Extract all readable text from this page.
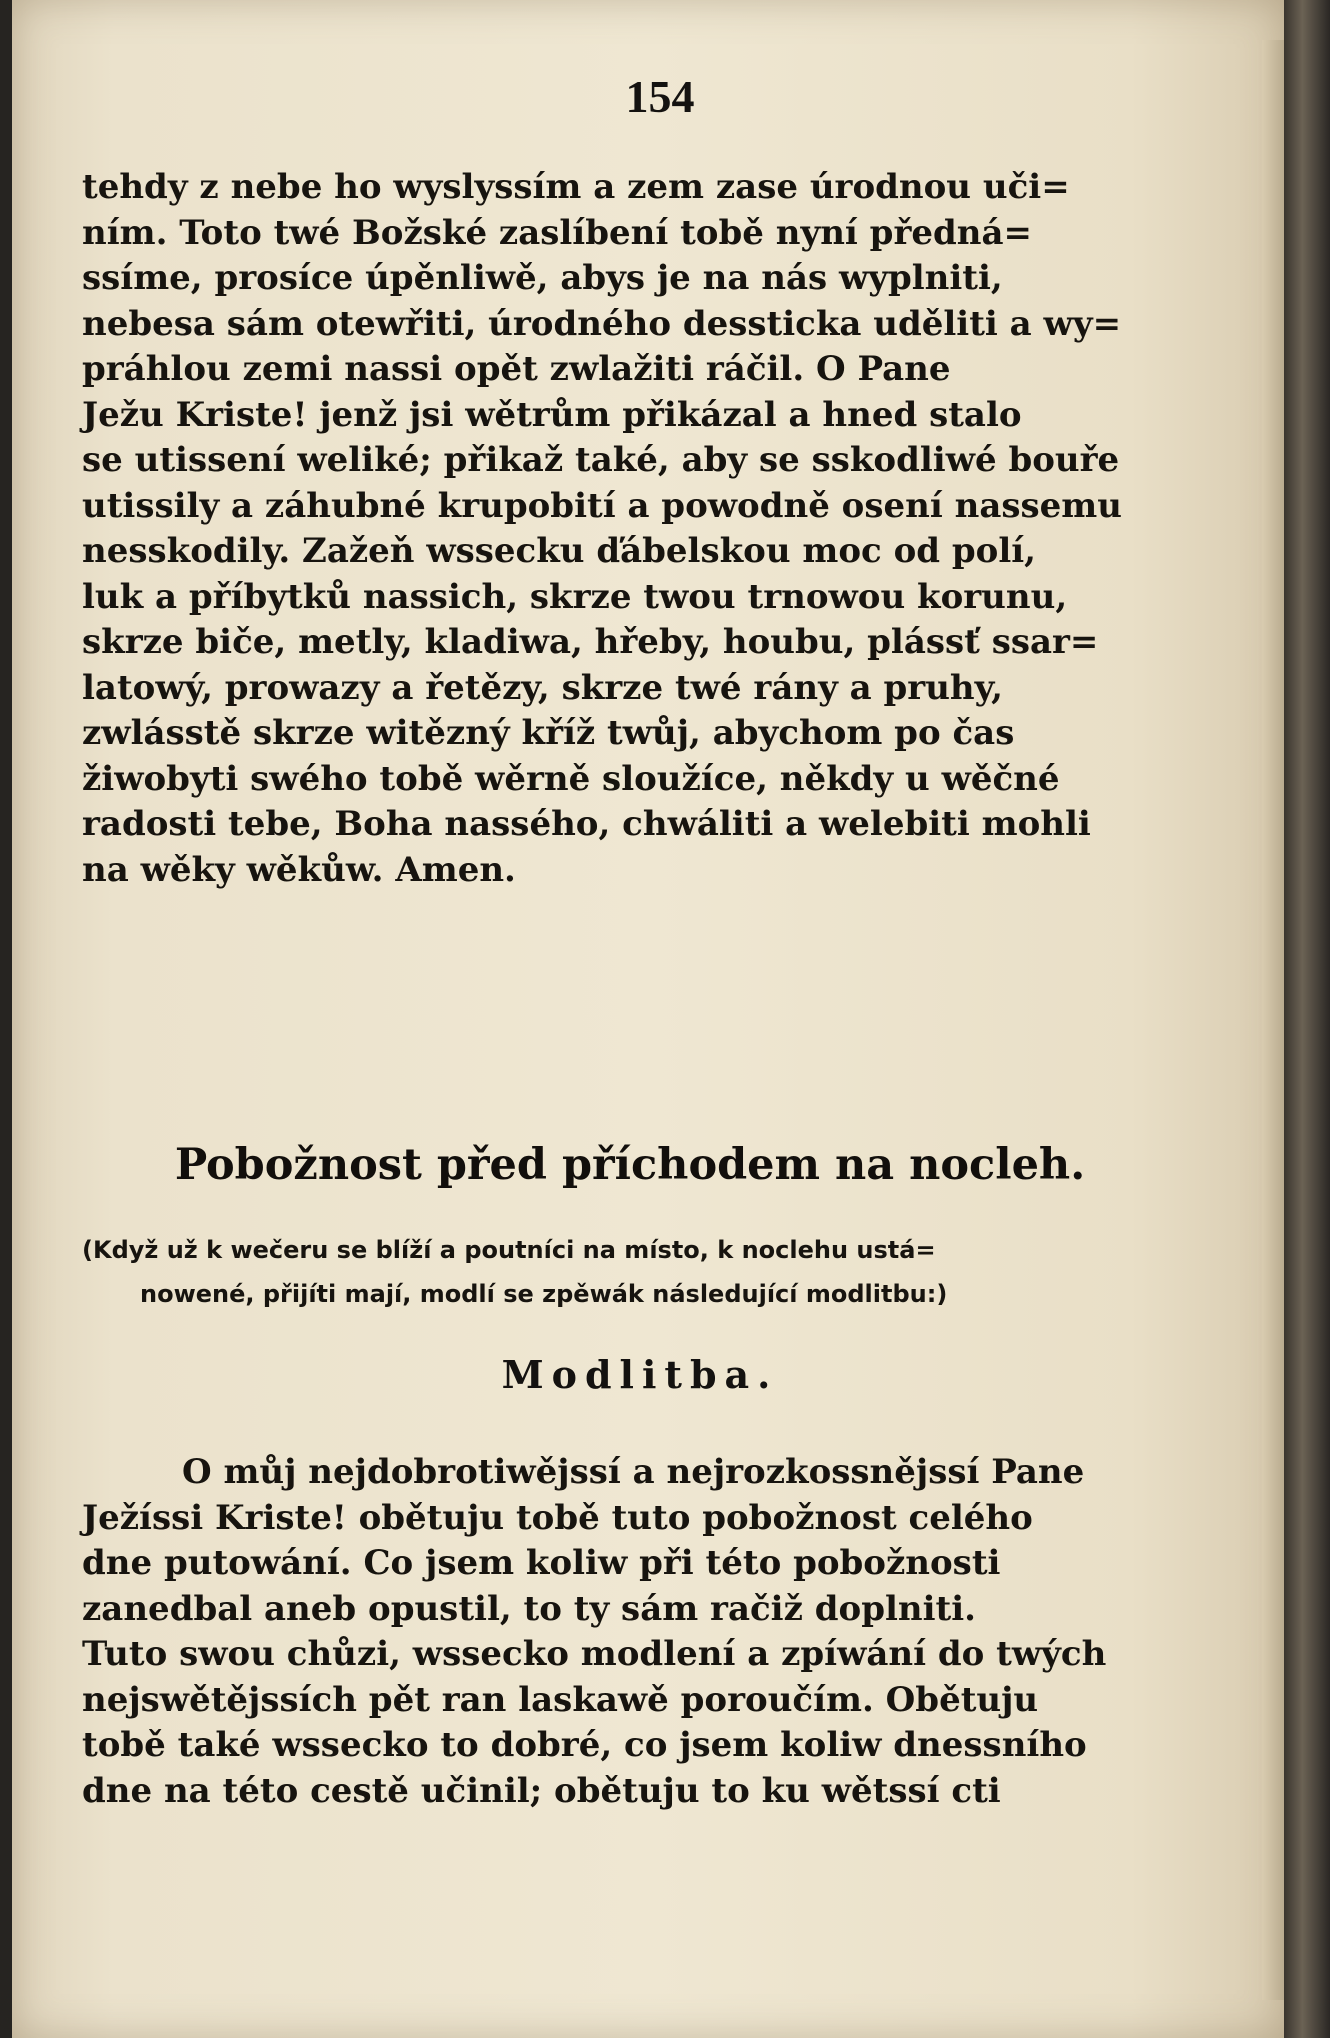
154
tehdy z nebe ho wyslyssím a zem zase úrodnou uči=
ním. Toto twé Božské zaslíbení tobě nyní předná=
ssíme, prosíce úpěnliwě, abys je na nás wyplniti,
nebesa sám otewřiti, úrodného dessticka uděliti a wy=
práhlou zemi nassi opět zwlažiti ráčil. O Pane
Ježu Kriste! jenž jsi wětrům přikázal a hned stalo
se utissení weliké; přikaž také, aby se sskodliwé bouře
utissily a záhubné krupobití a powodně osení nassemu
nesskodily. Zažeň wssecku ďábelskou moc od polí,
luk a příbytků nassich, skrze twou trnowou korunu,
skrze biče, metly, kladiwa, hřeby, houbu, plássť ssar=
latowý, prowazy a řetězy, skrze twé rány a pruhy,
zwlásstě skrze witězný kříž twůj, abychom po čas
žiwobyti swého tobě wěrně sloužíce, někdy u wěčné
radosti tebe, Boha nassého, chwáliti a welebiti mohli
na wěky wěkůw. Amen.
Pobožnost před příchodem na nocleh.
(Když už k wečeru se blíží a poutníci na místo, k noclehu ustá=
nowené, přijíti mají, modlí se zpěwák následující modlitbu:)
Modlitba.
O můj nejdobrotiwějssí a nejrozkossnějssí Pane
Ježíssi Kriste! obětuju tobě tuto pobožnost celého
dne putowání. Co jsem koliw při této pobožnosti
zanedbal aneb opustil, to ty sám račiž doplniti.
Tuto swou chůzi, wssecko modlení a zpíwání do twých
nejswětějssích pět ran laskawě poroučím. Obětuju
tobě také wssecko to dobré, co jsem koliw dnessního
dne na této cestě učinil; obětuju to ku wětssí cti
